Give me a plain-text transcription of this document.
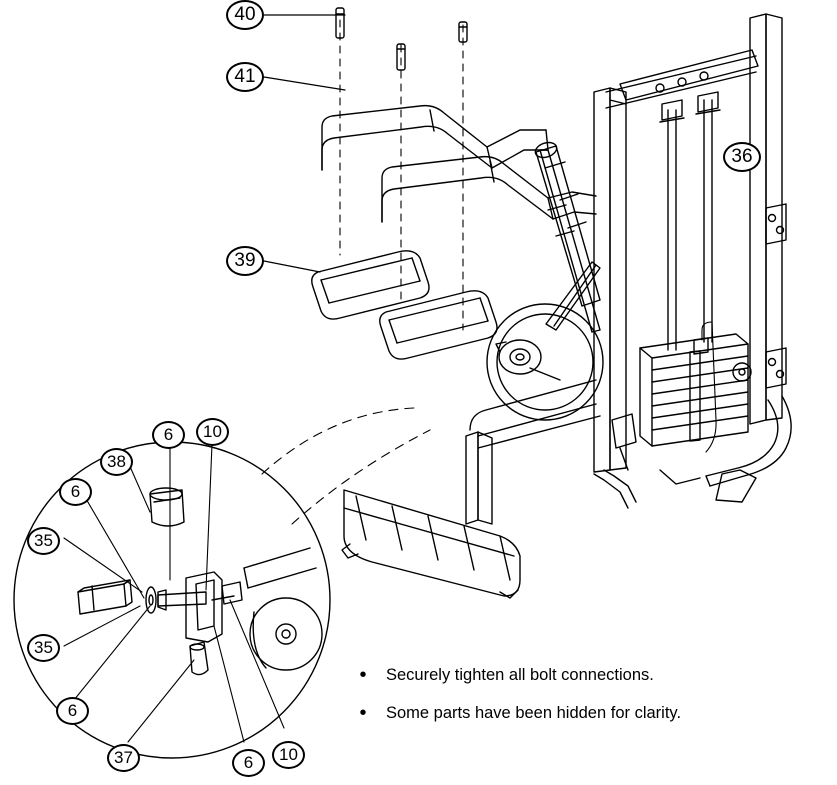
40
41
36
39
6 10
38
6
35
35
6
37	6 10
•	Securely tighten all bolt connections.
•	Some parts have been hidden for clarity.
